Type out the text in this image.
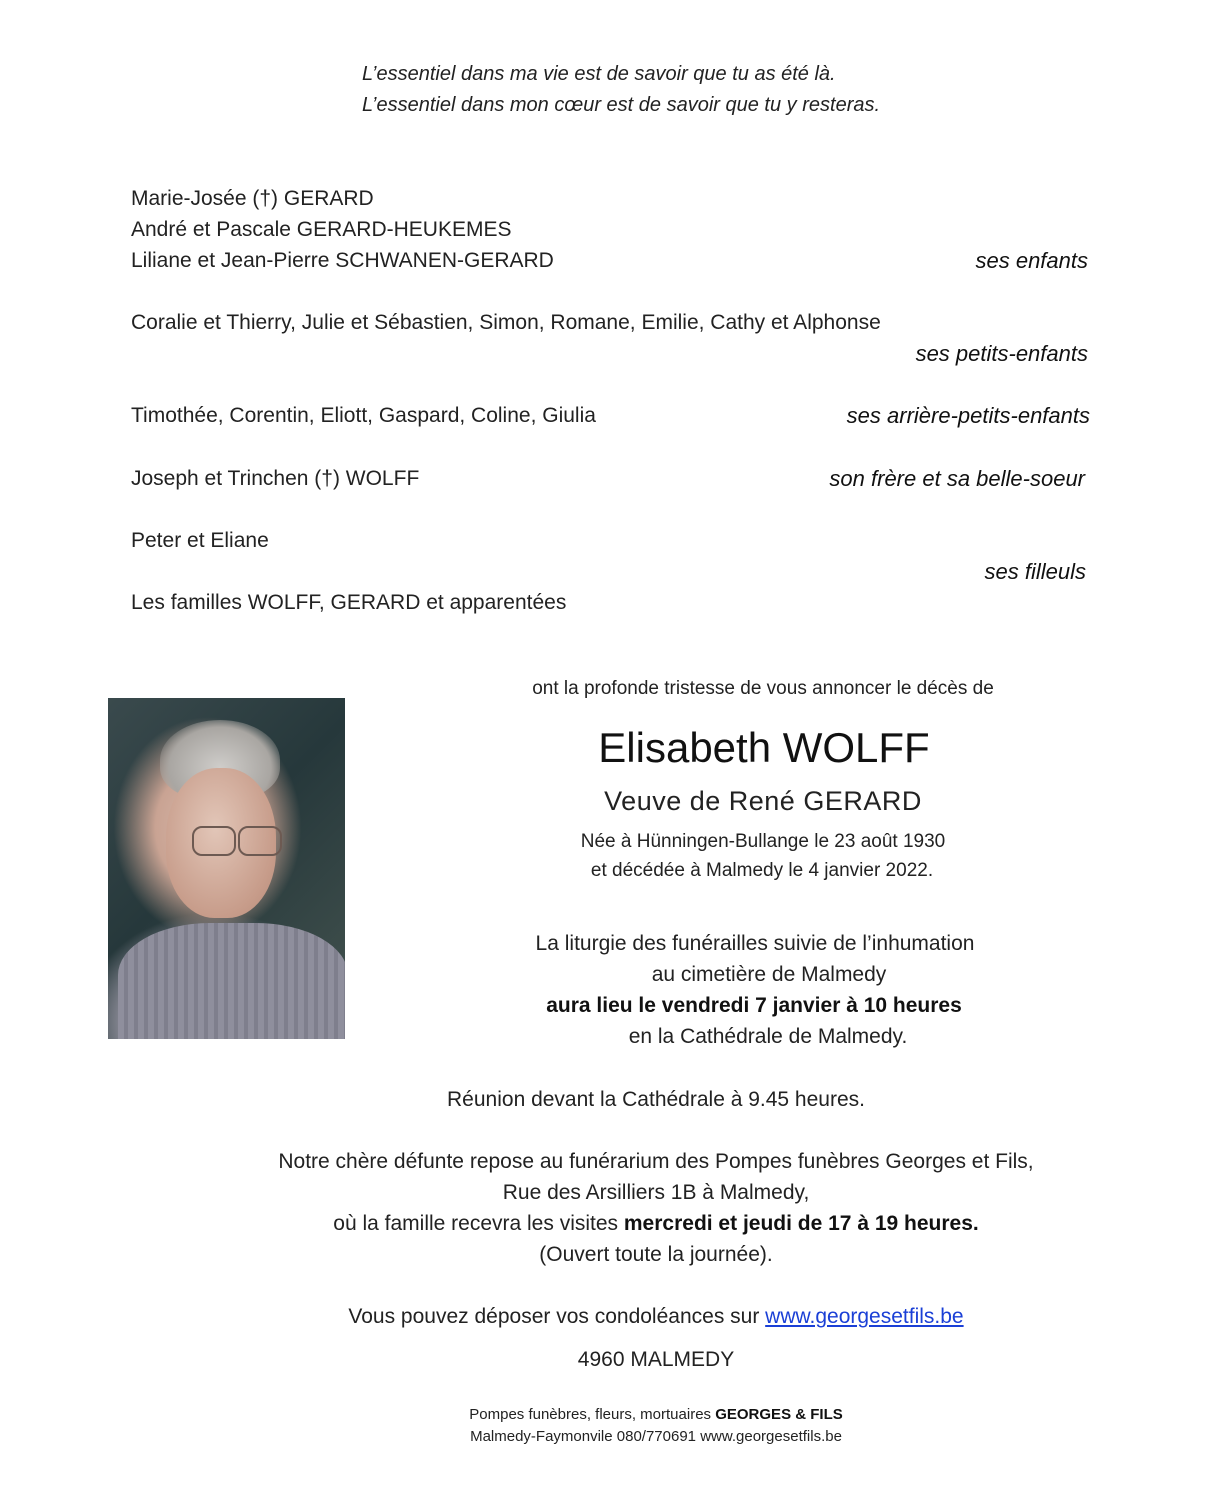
L’essentiel dans ma vie est de savoir que tu as été là.

L’essentiel dans mon cœur est de savoir que tu y resteras.

Marie-Josée (†) GERARD

André et Pascale GERARD-HEUKEMES

Liliane et Jean-Pierre SCHWANEN-GERARD	ses enfants

Coralie et Thierry, Julie et Sébastien, Simon, Romane, Emilie, Cathy et Alphonse

ses petits-enfants

Timothée, Corentin, Eliott, Gaspard, Coline, Giulia	ses arrière-petits-enfants

Joseph et Trinchen (†) WOLFF	son frère et sa belle-soeur

Peter et Eliane

ses filleuls

Les familles WOLFF, GERARD et apparentées

ont la profonde tristesse de vous annoncer le décès de

Elisabeth WOLFF

Veuve de René GERARD

Née à Hünningen-Bullange le 23 août 1930

et décédée à Malmedy le 4 janvier 2022.

La liturgie des funérailles suivie de l’inhumation

au cimetière de Malmedy

aura lieu le vendredi 7 janvier à 10 heures

en la Cathédrale de Malmedy.

Réunion devant la Cathédrale à 9.45 heures.

Notre chère défunte repose au funérarium des Pompes funèbres Georges et Fils,

Rue des Arsilliers 1B à Malmedy,

où la famille recevra les visites mercredi et jeudi de 17 à 19 heures.

(Ouvert toute la journée).

Vous pouvez déposer vos condoléances sur www.georgesetfils.be

4960 MALMEDY

Pompes funèbres, fleurs, mortuaires GEORGES & FILS

Malmedy-Faymonvile 080/770691 www.georgesetfils.be
